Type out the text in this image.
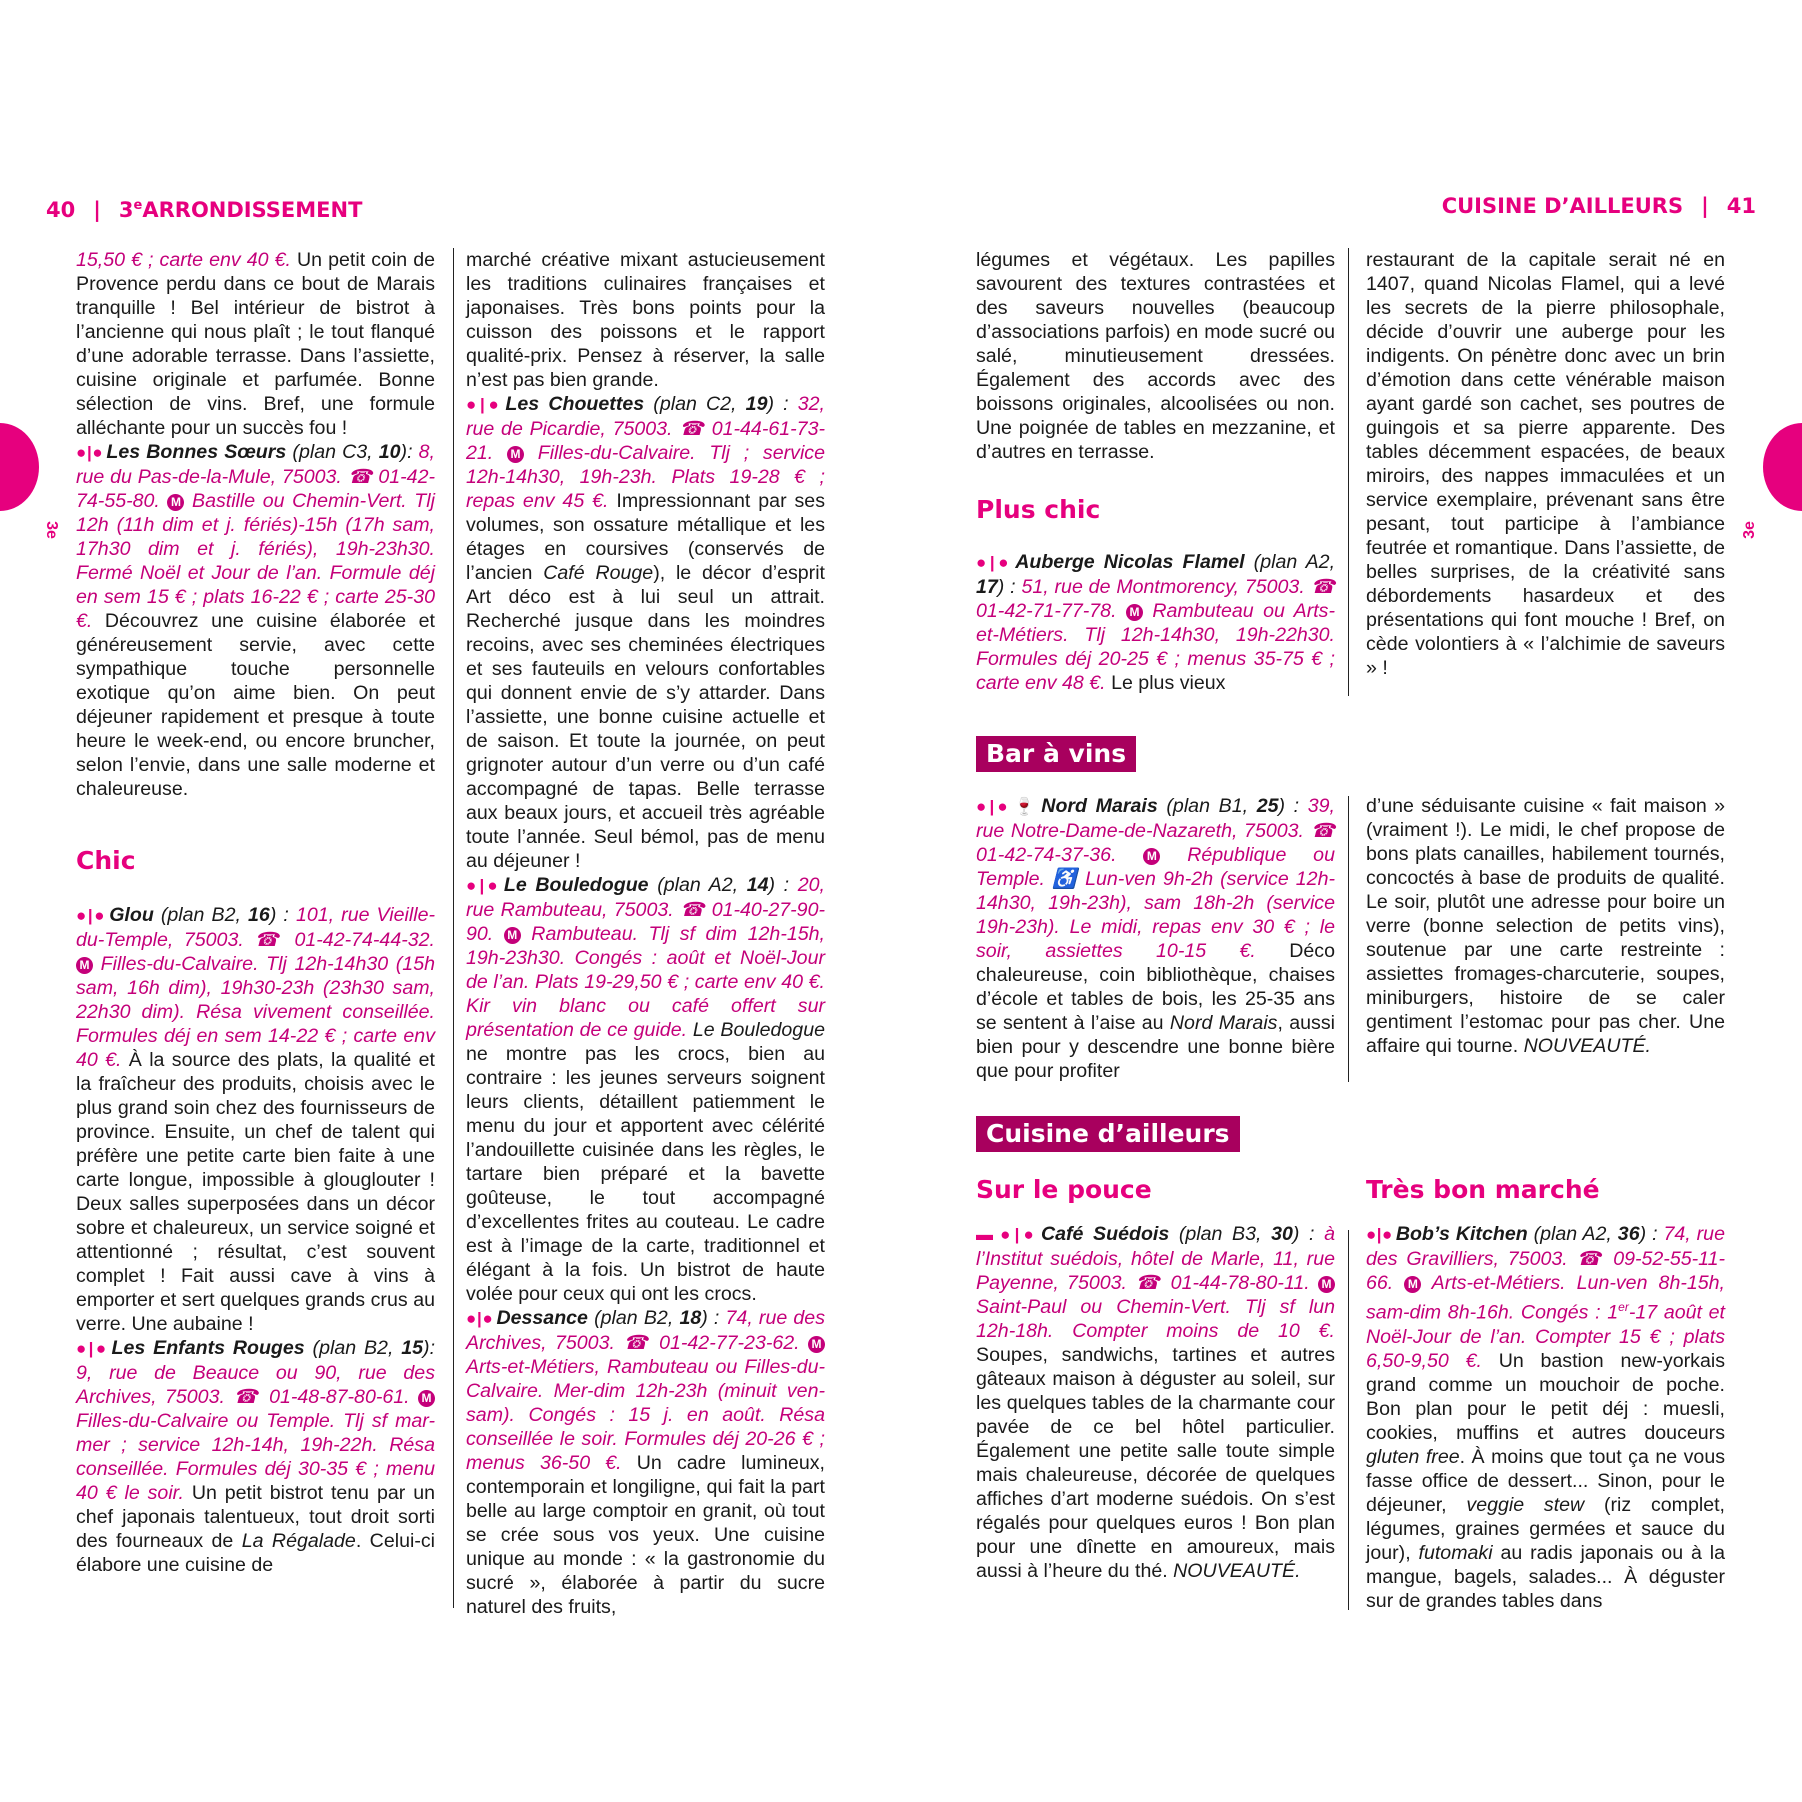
40 | 3eARRONDISSEMENT	CUISINE D’AILLEURS | 41
3e	3e

15,50 € ; carte env 40 €. Un petit coin de Provence perdu dans ce bout de Marais tranquille ! Bel intérieur de bistrot à l’ancienne qui nous plaît ; le tout flanqué d’une adorable terrasse. Dans l’assiette, cuisine originale et parfumée. Bonne sélection de vins. Bref, une formule alléchante pour un succès fou !

●|● Les Bonnes Sœurs (plan C3, 10): 8, rue du Pas-de-la-Mule, 75003. ☎ 01-42-74-55-80. M Bastille ou Chemin-Vert. Tlj 12h (11h dim et j. fériés)-15h (17h sam, 17h30 dim et j. fériés), 19h-23h30. Fermé Noël et Jour de l’an. Formule déj en sem 15 € ; plats 16-22 € ; carte 25-30 €. Découvrez une cuisine élaborée et généreusement servie, avec cette sympathique touche personnelle exotique qu’on aime bien. On peut déjeuner rapidement et presque à toute heure le week-end, ou encore bruncher, selon l’envie, dans une salle moderne et chaleureuse.

Chic

●|● Glou (plan B2, 16) : 101, rue Vieille-du-Temple, 75003. ☎ 01-42-74-44-32. M Filles-du-Calvaire. Tlj 12h-14h30 (15h sam, 16h dim), 19h30-23h (23h30 sam, 22h30 dim). Résa vivement conseillée. Formules déj en sem 14-22 € ; carte env 40 €. À la source des plats, la qualité et la fraîcheur des produits, choisis avec le plus grand soin chez des fournisseurs de province. Ensuite, un chef de talent qui préfère une petite carte bien faite à une carte longue, impossible à glouglouter ! Deux salles superposées dans un décor sobre et chaleureux, un service soigné et attentionné ; résultat, c’est souvent complet ! Fait aussi cave à vins à emporter et sert quelques grands crus au verre. Une aubaine !

●|● Les Enfants Rouges (plan B2, 15): 9, rue de Beauce ou 90, rue des Archives, 75003. ☎ 01-48-87-80-61. M Filles-du-Calvaire ou Temple. Tlj sf mar-mer ; service 12h-14h, 19h-22h. Résa conseillée. Formules déj 30-35 € ; menu 40 € le soir. Un petit bistrot tenu par un chef japonais talentueux, tout droit sorti des fourneaux de La Régalade. Celui-ci élabore une cuisine de

marché créative mixant astucieusement les traditions culinaires françaises et japonaises. Très bons points pour la cuisson des poissons et le rapport qualité-prix. Pensez à réserver, la salle n’est pas bien grande.

●|● Les Chouettes (plan C2, 19) : 32, rue de Picardie, 75003. ☎ 01-44-61-73-21. M Filles-du-Calvaire. Tlj ; service 12h-14h30, 19h-23h. Plats 19-28 € ; repas env 45 €. Impressionnant par ses volumes, son ossature métallique et les étages en coursives (conservés de l’ancien Café Rouge), le décor d’esprit Art déco est à lui seul un attrait. Recherché jusque dans les moindres recoins, avec ses cheminées électriques et ses fauteuils en velours confortables qui donnent envie de s’y attarder. Dans l’assiette, une bonne cuisine actuelle et de saison. Et toute la journée, on peut grignoter autour d’un verre ou d’un café accompagné de tapas. Belle terrasse aux beaux jours, et accueil très agréable toute l’année. Seul bémol, pas de menu au déjeuner !

●|● Le Bouledogue (plan A2, 14) : 20, rue Rambuteau, 75003. ☎ 01-40-27-90-90. M Rambuteau. Tlj sf dim 12h-15h, 19h-23h30. Congés : août et Noël-Jour de l’an. Plats 19-29,50 € ; carte env 40 €. Kir vin blanc ou café offert sur présentation de ce guide. Le Bouledogue ne montre pas les crocs, bien au contraire : les jeunes serveurs soignent leurs clients, détaillent patiemment le menu du jour et apportent avec célérité l’andouillette cuisinée dans les règles, le tartare bien préparé et la bavette goûteuse, le tout accompagné d’excellentes frites au couteau. Le cadre est à l’image de la carte, traditionnel et élégant à la fois. Un bistrot de haute volée pour ceux qui ont les crocs.

●|● Dessance (plan B2, 18) : 74, rue des Archives, 75003. ☎ 01-42-77-23-62. M Arts-et-Métiers, Rambuteau ou Filles-du-Calvaire. Mer-dim 12h-23h (minuit ven-sam). Congés : 15 j. en août. Résa conseillée le soir. Formules déj 20-26 € ; menus 36-50 €. Un cadre lumineux, contemporain et longiligne, qui fait la part belle au large comptoir en granit, où tout se crée sous vos yeux. Une cuisine unique au monde : « la gastronomie du sucré », élaborée à partir du sucre naturel des fruits,

légumes et végétaux. Les papilles savourent des textures contrastées et des saveurs nouvelles (beaucoup d’associations parfois) en mode sucré ou salé, minutieusement dressées. Également des accords avec des boissons originales, alcoolisées ou non. Une poignée de tables en mezzanine, et d’autres en terrasse.

Plus chic

●|● Auberge Nicolas Flamel (plan A2, 17) : 51, rue de Montmorency, 75003. ☎ 01-42-71-77-78. M Rambuteau ou Arts-et-Métiers. Tlj 12h-14h30, 19h-22h30. Formules déj 20-25 € ; menus 35-75 € ; carte env 48 €. Le plus vieux

restaurant de la capitale serait né en 1407, quand Nicolas Flamel, qui a levé les secrets de la pierre philosophale, décide d’ouvrir une auberge pour les indigents. On pénètre donc avec un brin d’émotion dans cette vénérable maison ayant gardé son cachet, ses poutres de guingois et sa pierre apparente. Des tables décemment espacées, de beaux miroirs, des nappes immaculées et un service exemplaire, prévenant sans être pesant, tout participe à l’ambiance feutrée et romantique. Dans l’assiette, de belles surprises, de la créativité sans débordements hasardeux et des présentations qui font mouche ! Bref, on cède volontiers à « l’alchimie de saveurs » !

Bar à vins

●|● 🍷 Nord Marais (plan B1, 25) : 39, rue Notre-Dame-de-Nazareth, 75003. ☎ 01-42-74-37-36. M République ou Temple. ♿ Lun-ven 9h-2h (service 12h-14h30, 19h-23h), sam 18h-2h (service 19h-23h). Le midi, repas env 30 € ; le soir, assiettes 10-15 €. Déco chaleureuse, coin bibliothèque, chaises d’école et tables de bois, les 25-35 ans se sentent à l’aise au Nord Marais, aussi bien pour y descendre une bonne bière que pour profiter

d’une séduisante cuisine « fait maison » (vraiment !). Le midi, le chef propose de bons plats canailles, habilement tournés, concoctés à base de produits de qualité. Le soir, plutôt une adresse pour boire un verre (bonne selection de petits vins), soutenue par une carte restreinte : assiettes fromages-charcuterie, soupes, miniburgers, histoire de se caler gentiment l’estomac pour pas cher. Une affaire qui tourne. NOUVEAUTÉ.

Cuisine d’ailleurs

Sur le pouce

▬ ●|● Café Suédois (plan B3, 30) : à l’Institut suédois, hôtel de Marle, 11, rue Payenne, 75003. ☎ 01-44-78-80-11. M Saint-Paul ou Chemin-Vert. Tlj sf lun 12h-18h. Compter moins de 10 €. Soupes, sandwichs, tartines et autres gâteaux maison à déguster au soleil, sur les quelques tables de la charmante cour pavée de ce bel hôtel particulier. Également une petite salle toute simple mais chaleureuse, décorée de quelques affiches d’art moderne suédois. On s’est régalés pour quelques euros ! Bon plan pour une dînette en amoureux, mais aussi à l’heure du thé. NOUVEAUTÉ.

Très bon marché

●|● Bob’s Kitchen (plan A2, 36) : 74, rue des Gravilliers, 75003. ☎ 09-52-55-11-66. M Arts-et-Métiers. Lun-ven 8h-15h, sam-dim 8h-16h. Congés : 1er-17 août et Noël-Jour de l’an. Compter 15 € ; plats 6,50-9,50 €. Un bastion new-yorkais grand comme un mouchoir de poche. Bon plan pour le petit déj : muesli, cookies, muffins et autres douceurs gluten free. À moins que tout ça ne vous fasse office de dessert... Sinon, pour le déjeuner, veggie stew (riz complet, légumes, graines germées et sauce du jour), futomaki au radis japonais ou à la mangue, bagels, salades... À déguster sur de grandes tables dans
